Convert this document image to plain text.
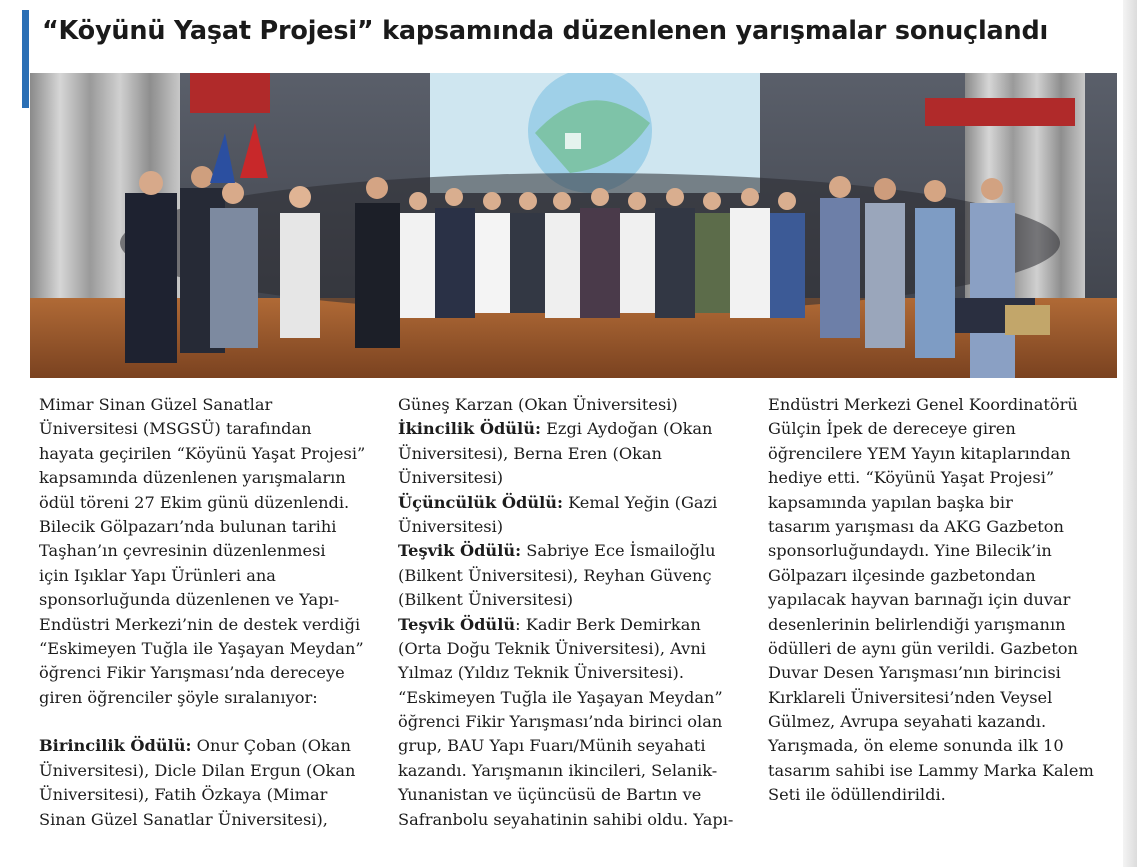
“Köyünü Yaşat Projesi” kapsamında düzenlenen yarışmalar sonuçlandı
Mimar Sinan Güzel Sanatlar
Üniversitesi (MSGSÜ) tarafından
hayata geçirilen “Köyünü Yaşat Projesi”
kapsamında düzenlenen yarışmaların
ödül töreni 27 Ekim günü düzenlendi.
Bilecik Gölpazarı’nda bulunan tarihi
Taşhan’ın çevresinin düzenlenmesi
için Işıklar Yapı Ürünleri ana
sponsorluğunda düzenlenen ve Yapı-
Endüstri Merkezi’nin de destek verdiği
“Eskimeyen Tuğla ile Yaşayan Meydan”
öğrenci Fikir Yarışması’nda dereceye
giren öğrenciler şöyle sıralanıyor:
Birincilik Ödülü: Onur Çoban (Okan
Üniversitesi), Dicle Dilan Ergun (Okan
Üniversitesi), Fatih Özkaya (Mimar
Sinan Güzel Sanatlar Üniversitesi),
Güneş Karzan (Okan Üniversitesi)
İkincilik Ödülü: Ezgi Aydoğan (Okan
Üniversitesi), Berna Eren (Okan
Üniversitesi)
Üçüncülük Ödülü: Kemal Yeğin (Gazi
Üniversitesi)
Teşvik Ödülü: Sabriye Ece İsmailoğlu
(Bilkent Üniversitesi), Reyhan Güvenç
(Bilkent Üniversitesi)
Teşvik Ödülü: Kadir Berk Demirkan
(Orta Doğu Teknik Üniversitesi), Avni
Yılmaz (Yıldız Teknik Üniversitesi).
“Eskimeyen Tuğla ile Yaşayan Meydan”
öğrenci Fikir Yarışması’nda birinci olan
grup, BAU Yapı Fuarı/Münih seyahati
kazandı. Yarışmanın ikincileri, Selanik-
Yunanistan ve üçüncüsü de Bartın ve
Safranbolu seyahatinin sahibi oldu. Yapı-
Endüstri Merkezi Genel Koordinatörü
Gülçin İpek de dereceye giren
öğrencilere YEM Yayın kitaplarından
hediye etti. “Köyünü Yaşat Projesi”
kapsamında yapılan başka bir
tasarım yarışması da AKG Gazbeton
sponsorluğundaydı. Yine Bilecik’in
Gölpazarı ilçesinde gazbetondan
yapılacak hayvan barınağı için duvar
desenlerinin belirlendiği yarışmanın
ödülleri de aynı gün verildi. Gazbeton
Duvar Desen Yarışması’nın birincisi
Kırklareli Üniversitesi’nden Veysel
Gülmez, Avrupa seyahati kazandı.
Yarışmada, ön eleme sonunda ilk 10
tasarım sahibi ise Lammy Marka Kalem
Seti ile ödüllendirildi.
